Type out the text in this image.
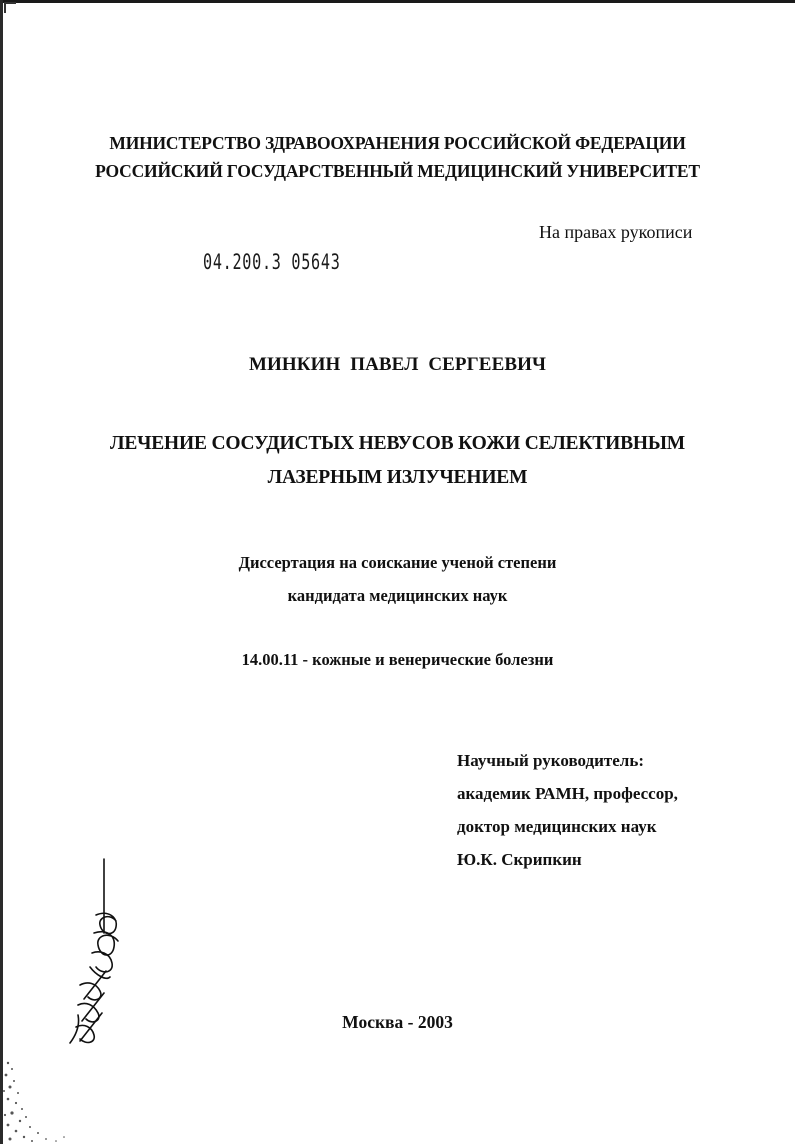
МИНИСТЕРСТВО ЗДРАВООХРАНЕНИЯ РОССИЙСКОЙ ФЕДЕРАЦИИ
РОССИЙСКИЙ ГОСУДАРСТВЕННЫЙ МЕДИЦИНСКИЙ УНИВЕРСИТЕТ
На правах рукописи
04.200.3 05643
МИНКИН ПАВЕЛ СЕРГЕЕВИЧ
ЛЕЧЕНИЕ СОСУДИСТЫХ НЕВУСОВ КОЖИ СЕЛЕКТИВНЫМ
ЛАЗЕРНЫМ ИЗЛУЧЕНИЕМ
Диссертация на соискание ученой степени
кандидата медицинских наук
14.00.11 - кожные и венерические болезни
Научный руководитель:
академик РАМН, профессор,
доктор медицинских наук
Ю.К. Скрипкин
Москва - 2003
